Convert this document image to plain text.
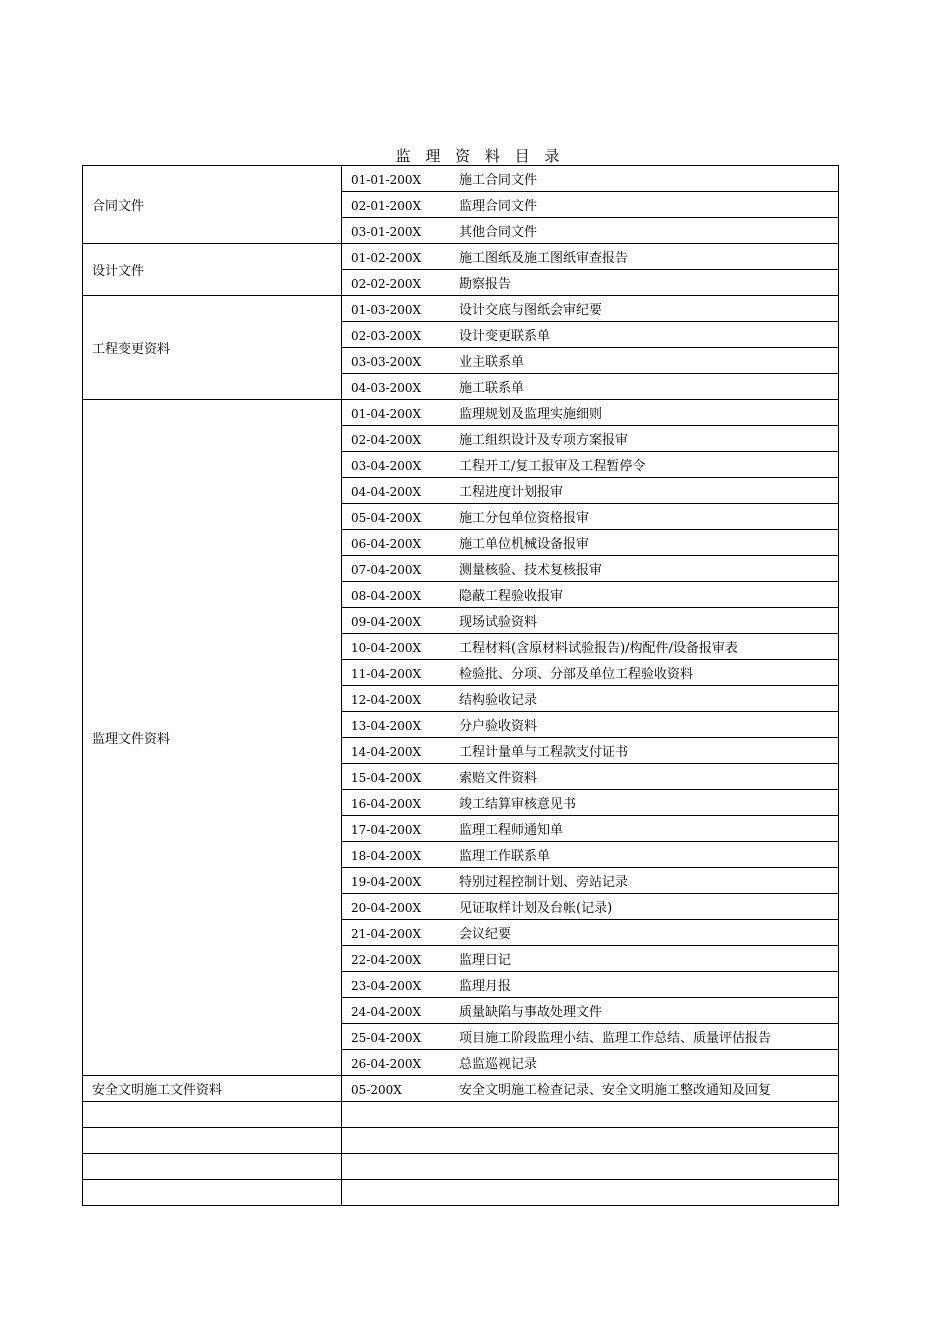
监 理 资 料 目 录
合同文件	01-01-200X 施工合同文件
	02-01-200X 监理合同文件
	03-01-200X 其他合同文件
设计文件	01-02-200X 施工图纸及施工图纸审查报告
	02-02-200X 勘察报告
工程变更资料	01-03-200X 设计交底与图纸会审纪要
	02-03-200X 设计变更联系单
	03-03-200X 业主联系单
	04-03-200X 施工联系单
监理文件资料	01-04-200X 监理规划及监理实施细则
	02-04-200X 施工组织设计及专项方案报审
	03-04-200X 工程开工/复工报审及工程暂停令
	04-04-200X 工程进度计划报审
	05-04-200X 施工分包单位资格报审
	06-04-200X 施工单位机械设备报审
	07-04-200X 测量核验、技术复核报审
	08-04-200X 隐蔽工程验收报审
	09-04-200X 现场试验资料
	10-04-200X 工程材料(含原材料试验报告)/构配件/设备报审表
	11-04-200X 检验批、分项、分部及单位工程验收资料
	12-04-200X 结构验收记录
	13-04-200X 分户验收资料
	14-04-200X 工程计量单与工程款支付证书
	15-04-200X 索赔文件资料
	16-04-200X 竣工结算审核意见书
	17-04-200X 监理工程师通知单
	18-04-200X 监理工作联系单
	19-04-200X 特别过程控制计划、旁站记录
	20-04-200X 见证取样计划及台帐(记录)
	21-04-200X 会议纪要
	22-04-200X 监理日记
	23-04-200X 监理月报
	24-04-200X 质量缺陷与事故处理文件
	25-04-200X 项目施工阶段监理小结、监理工作总结、质量评估报告
	26-04-200X 总监巡视记录
安全文明施工文件资料	05-200X 安全文明施工检查记录、安全文明施工整改通知及回复
